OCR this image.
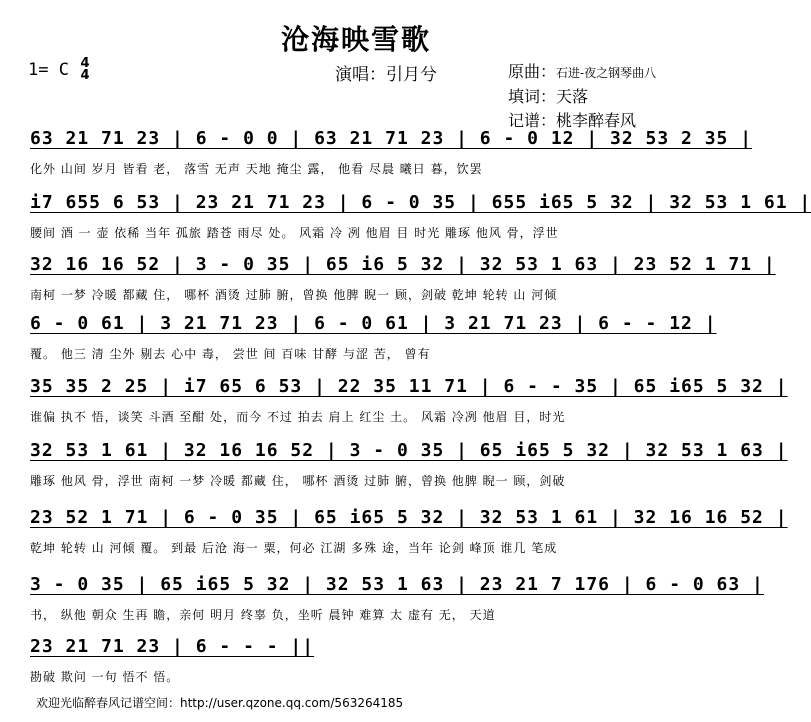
沧海映雪歌
1= C 4
4	演唱：引月兮	原曲：石进-夜之钢琴曲八
填词：天落
记谱：桃李醉春风
63 21 71 23 | 6 - 0 0 | 63 21 71 23 | 6 - 0 12 | 32 53 2 35 |
化外 山间 岁月 皆看 老， 落雪 无声 天地 掩尘 露， 他看 尽晨 曦日 暮，饮罢
i7 655 6 53 | 23 21 71 23 | 6 - 0 35 | 655 i65 5 32 | 32 53 1 61 |
腰间 酒 一 壶 依稀 当年 孤旅 踏苍 雨尽 处。 风霜 冷 冽 他眉 目 时光 雕琢 他风 骨，浮世
32 16 16 52 | 3 - 0 35 | 65 i6 5 32 | 32 53 1 63 | 23 52 1 71 |
南柯 一梦 冷暖 都藏 住， 哪杯 酒烫 过肺 腑，曾换 他脾 睨一 顾，剑破 乾坤 轮转 山 河倾
6 - 0 61 | 3 21 71 23 | 6 - 0 61 | 3 21 71 23 | 6 - - 12 |
覆。 他三 清 尘外 剔去 心中 毒， 尝世 间 百味 甘酵 与涩 苦， 曾有
35 35 2 25 | i7 65 6 53 | 22 35 11 71 | 6 - - 35 | 65 i65 5 32 |
谁偏 执不 悟，谈笑 斗酒 至酣 处，而今 不过 拍去 肩上 红尘 土。 风霜 冷冽 他眉 目，时光
32 53 1 61 | 32 16 16 52 | 3 - 0 35 | 65 i65 5 32 | 32 53 1 63 |
雕琢 他风 骨，浮世 南柯 一梦 冷暖 都藏 住， 哪杯 酒烫 过肺 腑，曾换 他脾 睨一 顾，剑破
23 52 1 71 | 6 - 0 35 | 65 i65 5 32 | 32 53 1 61 | 32 16 16 52 |
乾坤 轮转 山 河倾 覆。 到最 后沧 海一 粟，何必 江湖 多殊 途，当年 论剑 峰顶 谁几 笔成
3 - 0 35 | 65 i65 5 32 | 32 53 1 63 | 23 21 7 176 | 6 - 0 63 |
书， 纵他 朝众 生再 瞻，亲何 明月 终辜 负，坐听 晨钟 难算 太 虚有 无， 天道
23 21 71 23 | 6 - - - ||
勘破 欺问 一句 悟不 悟。
欢迎光临醉春风记谱空间：http://user.qzone.qq.com/563264185
